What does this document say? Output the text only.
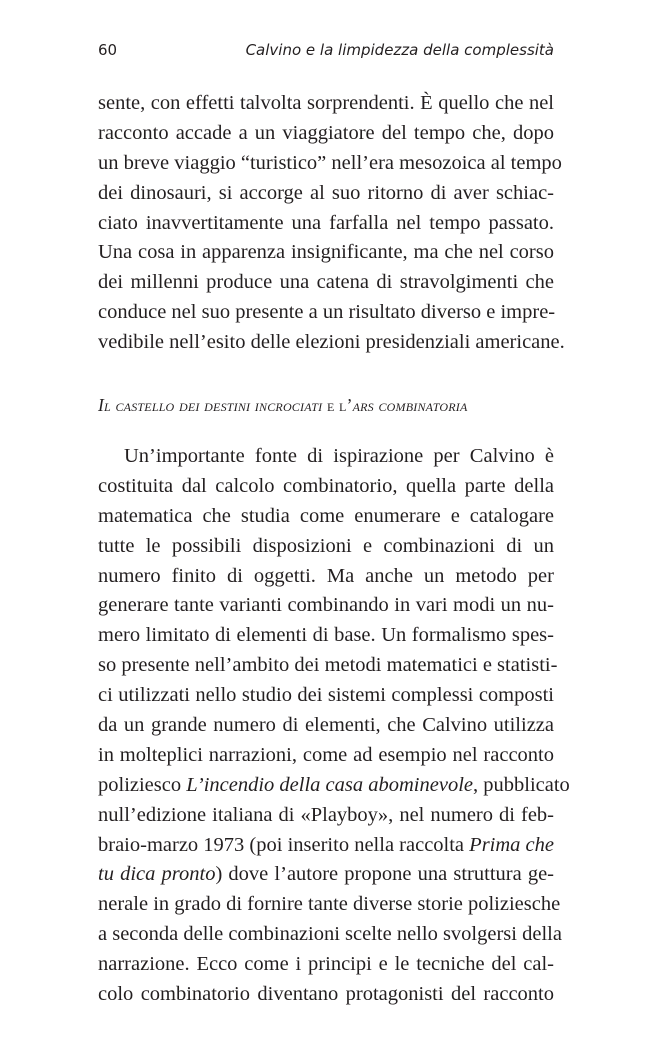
60	Calvino e la limpidezza della complessità
sente, con effetti talvolta sorprendenti. È quello che nel
racconto accade a un viaggiatore del tempo che, dopo
un breve viaggio “turistico” nell’era mesozoica al tempo
dei dinosauri, si accorge al suo ritorno di aver schiac-
ciato inavvertitamente una farfalla nel tempo passato.
Una cosa in apparenza insignificante, ma che nel corso
dei millenni produce una catena di stravolgimenti che
conduce nel suo presente a un risultato diverso e impre-
vedibile nell’esito delle elezioni presidenziali americane.
Il castello dei destini incrociati e l’ars combinatoria
Un’importante fonte di ispirazione per Calvino è
costituita dal calcolo combinatorio, quella parte della
matematica che studia come enumerare e catalogare
tutte le possibili disposizioni e combinazioni di un
numero finito di oggetti. Ma anche un metodo per
generare tante varianti combinando in vari modi un nu-
mero limitato di elementi di base. Un formalismo spes-
so presente nell’ambito dei metodi matematici e statisti-
ci utilizzati nello studio dei sistemi complessi composti
da un grande numero di elementi, che Calvino utilizza
in molteplici narrazioni, come ad esempio nel racconto
poliziesco L’incendio della casa abominevole, pubblicato
null’edizione italiana di «Playboy», nel numero di feb-
braio-marzo 1973 (poi inserito nella raccolta Prima che
tu dica pronto) dove l’autore propone una struttura ge-
nerale in grado di fornire tante diverse storie poliziesche
a seconda delle combinazioni scelte nello svolgersi della
narrazione. Ecco come i principi e le tecniche del cal-
colo combinatorio diventano protagonisti del racconto
